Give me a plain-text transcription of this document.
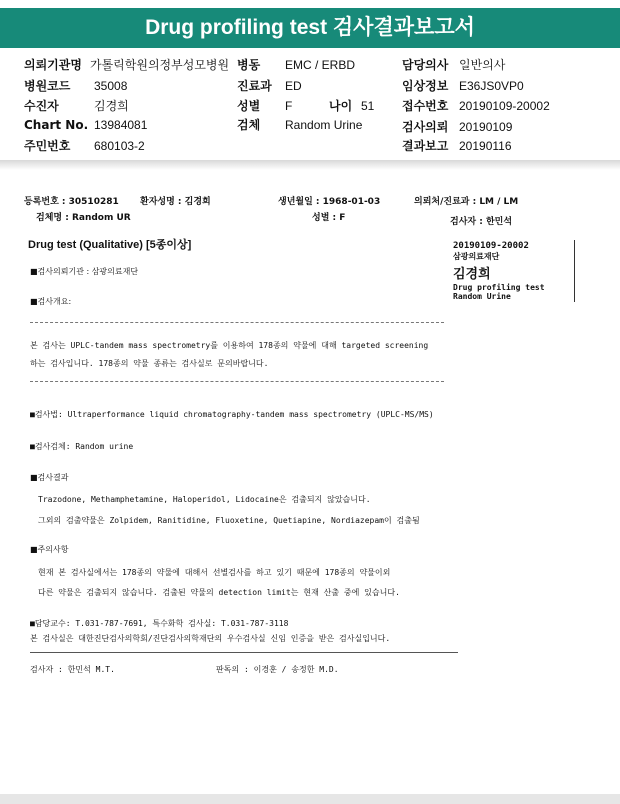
Drug profiling test 검사결과보고서
의뢰기관명 가톨릭학원의정부성모병원 병동 EMC / ERBD	담당의사 일반의사
병원코드 35008	진료과 ED	임상정보 E36JS0VP0
수진자	김경희	성별 F	나이 51 접수번호 20190109-20002
Chart No. 13984081	검체 Random Urine	검사의뢰 20190109
주민번호 680103-2	결과보고 20190116
등록번호 : 30510281 환자성명 : 김경희	생년월일 : 1968-01-03	의뢰처/진료과 : LM / LM
검체명 : Random UR	성별 : F	검사자 : 한민석
Drug test (Qualitative) [5종이상]	20190109-20002
삼광의료재단
김경희
Drug profiling test
Random Urine
■검사의뢰기관 : 삼광의료재단
■검사개요:
본 검사는 UPLC-tandem mass spectrometry를 이용하여 178종의 약물에 대해 targeted screening
하는 검사입니다. 178종의 약물 종류는 검사실로 문의바랍니다.
■검사법: Ultraperformance liquid chromatography-tandem mass spectrometry (UPLC-MS/MS)
■검사검체: Random urine
■검사결과
Trazodone, Methamphetamine, Haloperidol, Lidocaine은 검출되지 않았습니다.
그외의 검출약물은 Zolpidem, Ranitidine, Fluoxetine, Quetiapine, Nordiazepam이 검출됨
■주의사항
현재 본 검사실에서는 178종의 약물에 대해서 선별검사를 하고 있기 때문에 178종의 약물이외
다른 약물은 검출되지 않습니다. 검출된 약물의 detection limit는 현재 산출 중에 있습니다.
■담당교수: T.031-787-7691, 특수화학 검사실: T.031-787-3118
본 검사실은 대한진단검사의학회/진단검사의학재단의 우수검사실 신임 인증을 받은 검사실입니다.
검사자 : 한민석 M.T.	판독의 : 이경훈 / 송정한 M.D.
